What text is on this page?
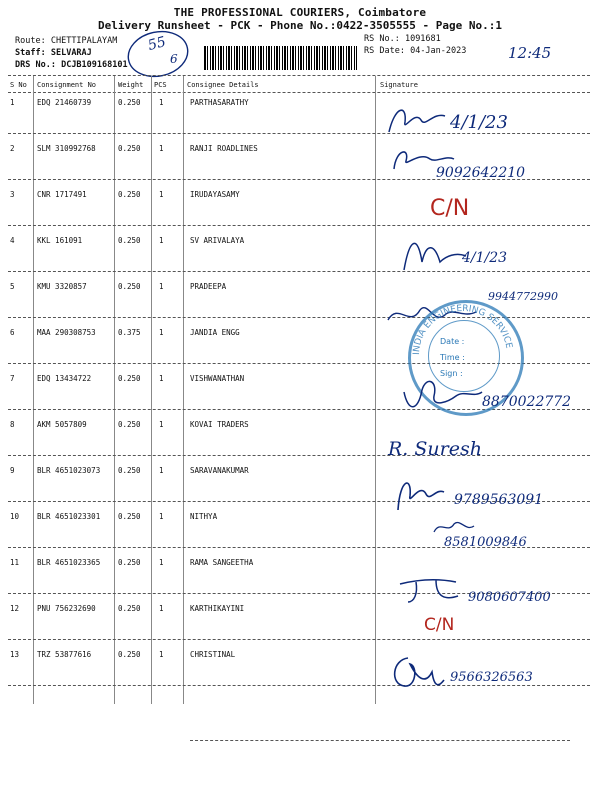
THE PROFESSIONAL COURIERS, Coimbatore
Delivery Runsheet - PCK - Phone No.:0422-3505555 - Page No.:1
Route: CHETTIPALAYAM
Staff: SELVARAJ
DRS No.: DCJB109168101
RS No.: 1091681
RS Date: 04-Jan-2023	12:45
55
6
S No Consignment No	Weight PCS	Consignee Details	Signature
1	EDQ 21460739	0.250 1	PARTHASARATHY
2	SLM 310992768	0.250 1	RANJI ROADLINES
3	CNR 1717491	0.250 1	IRUDAYASAMY
4	KKL 161091	0.250 1	SV ARIVALAYA
5	KMU 3320857	0.250 1	PRADEEPA
6	MAA 290308753	0.375 1	JANDIA ENGG
7	EDQ 13434722	0.250 1	VISHWANATHAN
8	AKM 5057809	0.250 1	KOVAI TRADERS
9	BLR 4651023073 0.250 1	SARAVANAKUMAR
10 BLR 4651023301 0.250 1	NITHYA
11 BLR 4651023365 0.250 1	RAMA SANGEETHA
12 PNU 756232690	0.250 1	KARTHIKAYINI
13 TRZ 53877616	0.250 1	CHRISTINAL
4/1/23
9092642210
C/N
4/1/23
9944772990
INDIA ENGINEERING SERVICE
Date :
Time :
Sign :
8870022772
R. Suresh
9789563091
8581009846
9080607400
C/N
9566326563
